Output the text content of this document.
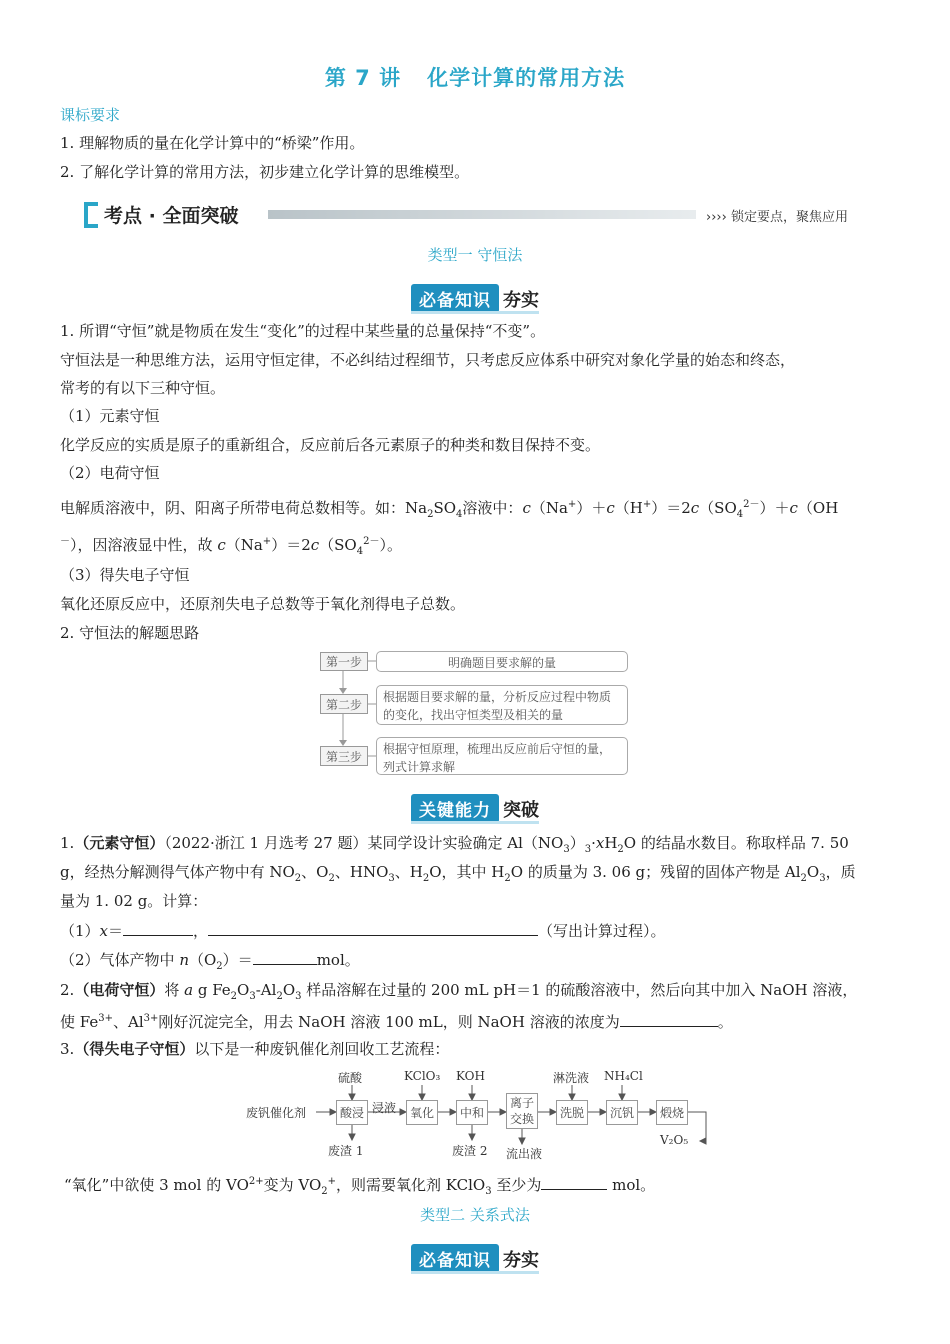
第 7 讲 化学计算的常用方法
课标要求
1. 理解物质的量在化学计算中的“桥梁”作用。
2. 了解化学计算的常用方法，初步建立化学计算的思维模型。
考点 · 全面突破	›››› 锁定要点，聚焦应用
类型一 守恒法
必备知识 夯实
1. 所谓“守恒”就是物质在发生“变化”的过程中某些量的总量保持“不变”。
守恒法是一种思维方法，运用守恒定律，不必纠结过程细节，只考虑反应体系中研究对象化学量的始态和终态，
常考的有以下三种守恒。
（1）元素守恒
化学反应的实质是原子的重新组合，反应前后各元素原子的种类和数目保持不变。
（2）电荷守恒
电解质溶液中，阴、阳离子所带电荷总数相等。如：$Na_2SO_4$溶液中：$c(Na^+)+c(H^+)=2c(SO_4^{2-})+c(OH$
－），因溶液显中性，故 $c(Na^+)=2c(SO_4^{2-})$。
（3）得失电子守恒
氧化还原反应中，还原剂失电子总数等于氧化剂得电子总数。
2. 守恒法的解题思路
第一步	明确题目要求解的量
第二步
根据题目要求解的量，分析反应过程中物质的变化，找出守恒类型及相关的量
第三步
根据守恒原理，梳理出反应前后守恒的量，列式计算求解
关键能力 突破
1.（元素守恒）（2022·浙江 1 月选考 27 题）某同学设计实验确定 $Al(NO_3)_3\cdot xH_2O$ 的结晶水数目。称取样品 7. 50
g，经热分解测得气体产物中有 $NO_2$、$O_2$、$HNO_3$、$H_2O$，其中 $H_2O$ 的质量为 3. 06 g；残留的固体产物是 $Al_2O_3$，质
量为 1. 02 g。计算：
（1）x＝	，	（写出计算过程）。
（2）气体产物中 $n(O_2)=$	mol。
2.（电荷守恒）将 a g $Fe_2O_3-Al_2O_3$ 样品溶解在过量的 200 mL pH＝1 的硫酸溶液中，然后向其中加入 NaOH 溶液，
使 $Fe^{3+}$、$Al^{3+}$刚好沉淀完全，用去 NaOH 溶液 100 mL，则 NaOH 溶液的浓度为	。
3.（得失电子守恒）以下是一种废钒催化剂回收工艺流程：
废钒催化剂	酸浸 浸液	氧化	中和
离子
交换	洗脱	沉钒	煅烧
硫酸	KClO₃ KOH	淋洗液 NH₄Cl
废渣 1	废渣 2 流出液
V₂O₅
“氧化”中欲使 3 mol 的 $VO^{2+}$变为 $VO_2^+$，则需要氧化剂 KClO$_3$ 至少为	mol。
类型二 关系式法
必备知识 夯实
